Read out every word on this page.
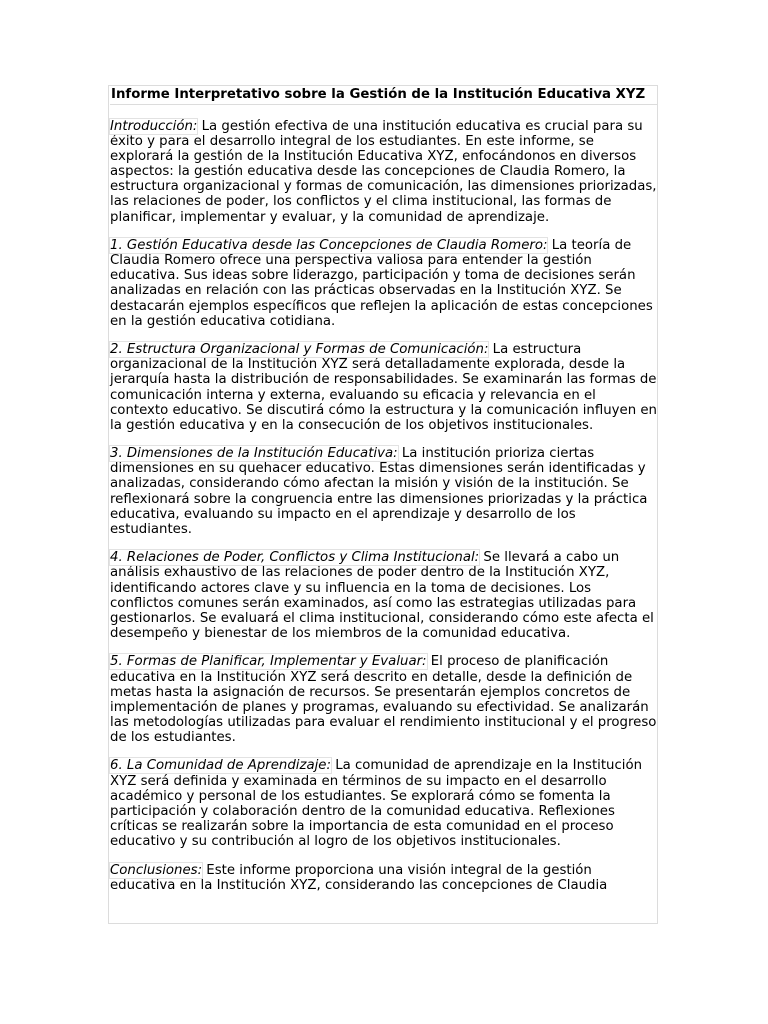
Informe Interpretativo sobre la Gestión de la Institución Educativa XYZ

Introducción: La gestión efectiva de una institución educativa es crucial para su éxito y para el desarrollo integral de los estudiantes. En este informe, se explorará la gestión de la Institución Educativa XYZ, enfocándonos en diversos aspectos: la gestión educativa desde las concepciones de Claudia Romero, la estructura organizacional y formas de comunicación, las dimensiones priorizadas, las relaciones de poder, los conflictos y el clima institucional, las formas de planificar, implementar y evaluar, y la comunidad de aprendizaje.

1. Gestión Educativa desde las Concepciones de Claudia Romero: La teoría de Claudia Romero ofrece una perspectiva valiosa para entender la gestión educativa. Sus ideas sobre liderazgo, participación y toma de decisiones serán analizadas en relación con las prácticas observadas en la Institución XYZ. Se destacarán ejemplos específicos que reflejen la aplicación de estas concepciones en la gestión educativa cotidiana.

2. Estructura Organizacional y Formas de Comunicación: La estructura organizacional de la Institución XYZ será detalladamente explorada, desde la jerarquía hasta la distribución de responsabilidades. Se examinarán las formas de comunicación interna y externa, evaluando su eficacia y relevancia en el contexto educativo. Se discutirá cómo la estructura y la comunicación influyen en la gestión educativa y en la consecución de los objetivos institucionales.

3. Dimensiones de la Institución Educativa: La institución prioriza ciertas dimensiones en su quehacer educativo. Estas dimensiones serán identificadas y analizadas, considerando cómo afectan la misión y visión de la institución. Se reflexionará sobre la congruencia entre las dimensiones priorizadas y la práctica educativa, evaluando su impacto en el aprendizaje y desarrollo de los estudiantes.

4. Relaciones de Poder, Conflictos y Clima Institucional: Se llevará a cabo un análisis exhaustivo de las relaciones de poder dentro de la Institución XYZ, identificando actores clave y su influencia en la toma de decisiones. Los conflictos comunes serán examinados, así como las estrategias utilizadas para gestionarlos. Se evaluará el clima institucional, considerando cómo este afecta el desempeño y bienestar de los miembros de la comunidad educativa.

5. Formas de Planificar, Implementar y Evaluar: El proceso de planificación educativa en la Institución XYZ será descrito en detalle, desde la definición de metas hasta la asignación de recursos. Se presentarán ejemplos concretos de implementación de planes y programas, evaluando su efectividad. Se analizarán las metodologías utilizadas para evaluar el rendimiento institucional y el progreso de los estudiantes.

6. La Comunidad de Aprendizaje: La comunidad de aprendizaje en la Institución XYZ será definida y examinada en términos de su impacto en el desarrollo académico y personal de los estudiantes. Se explorará cómo se fomenta la participación y colaboración dentro de la comunidad educativa. Reflexiones críticas se realizarán sobre la importancia de esta comunidad en el proceso educativo y su contribución al logro de los objetivos institucionales.

Conclusiones: Este informe proporciona una visión integral de la gestión educativa en la Institución XYZ, considerando las concepciones de Claudia
